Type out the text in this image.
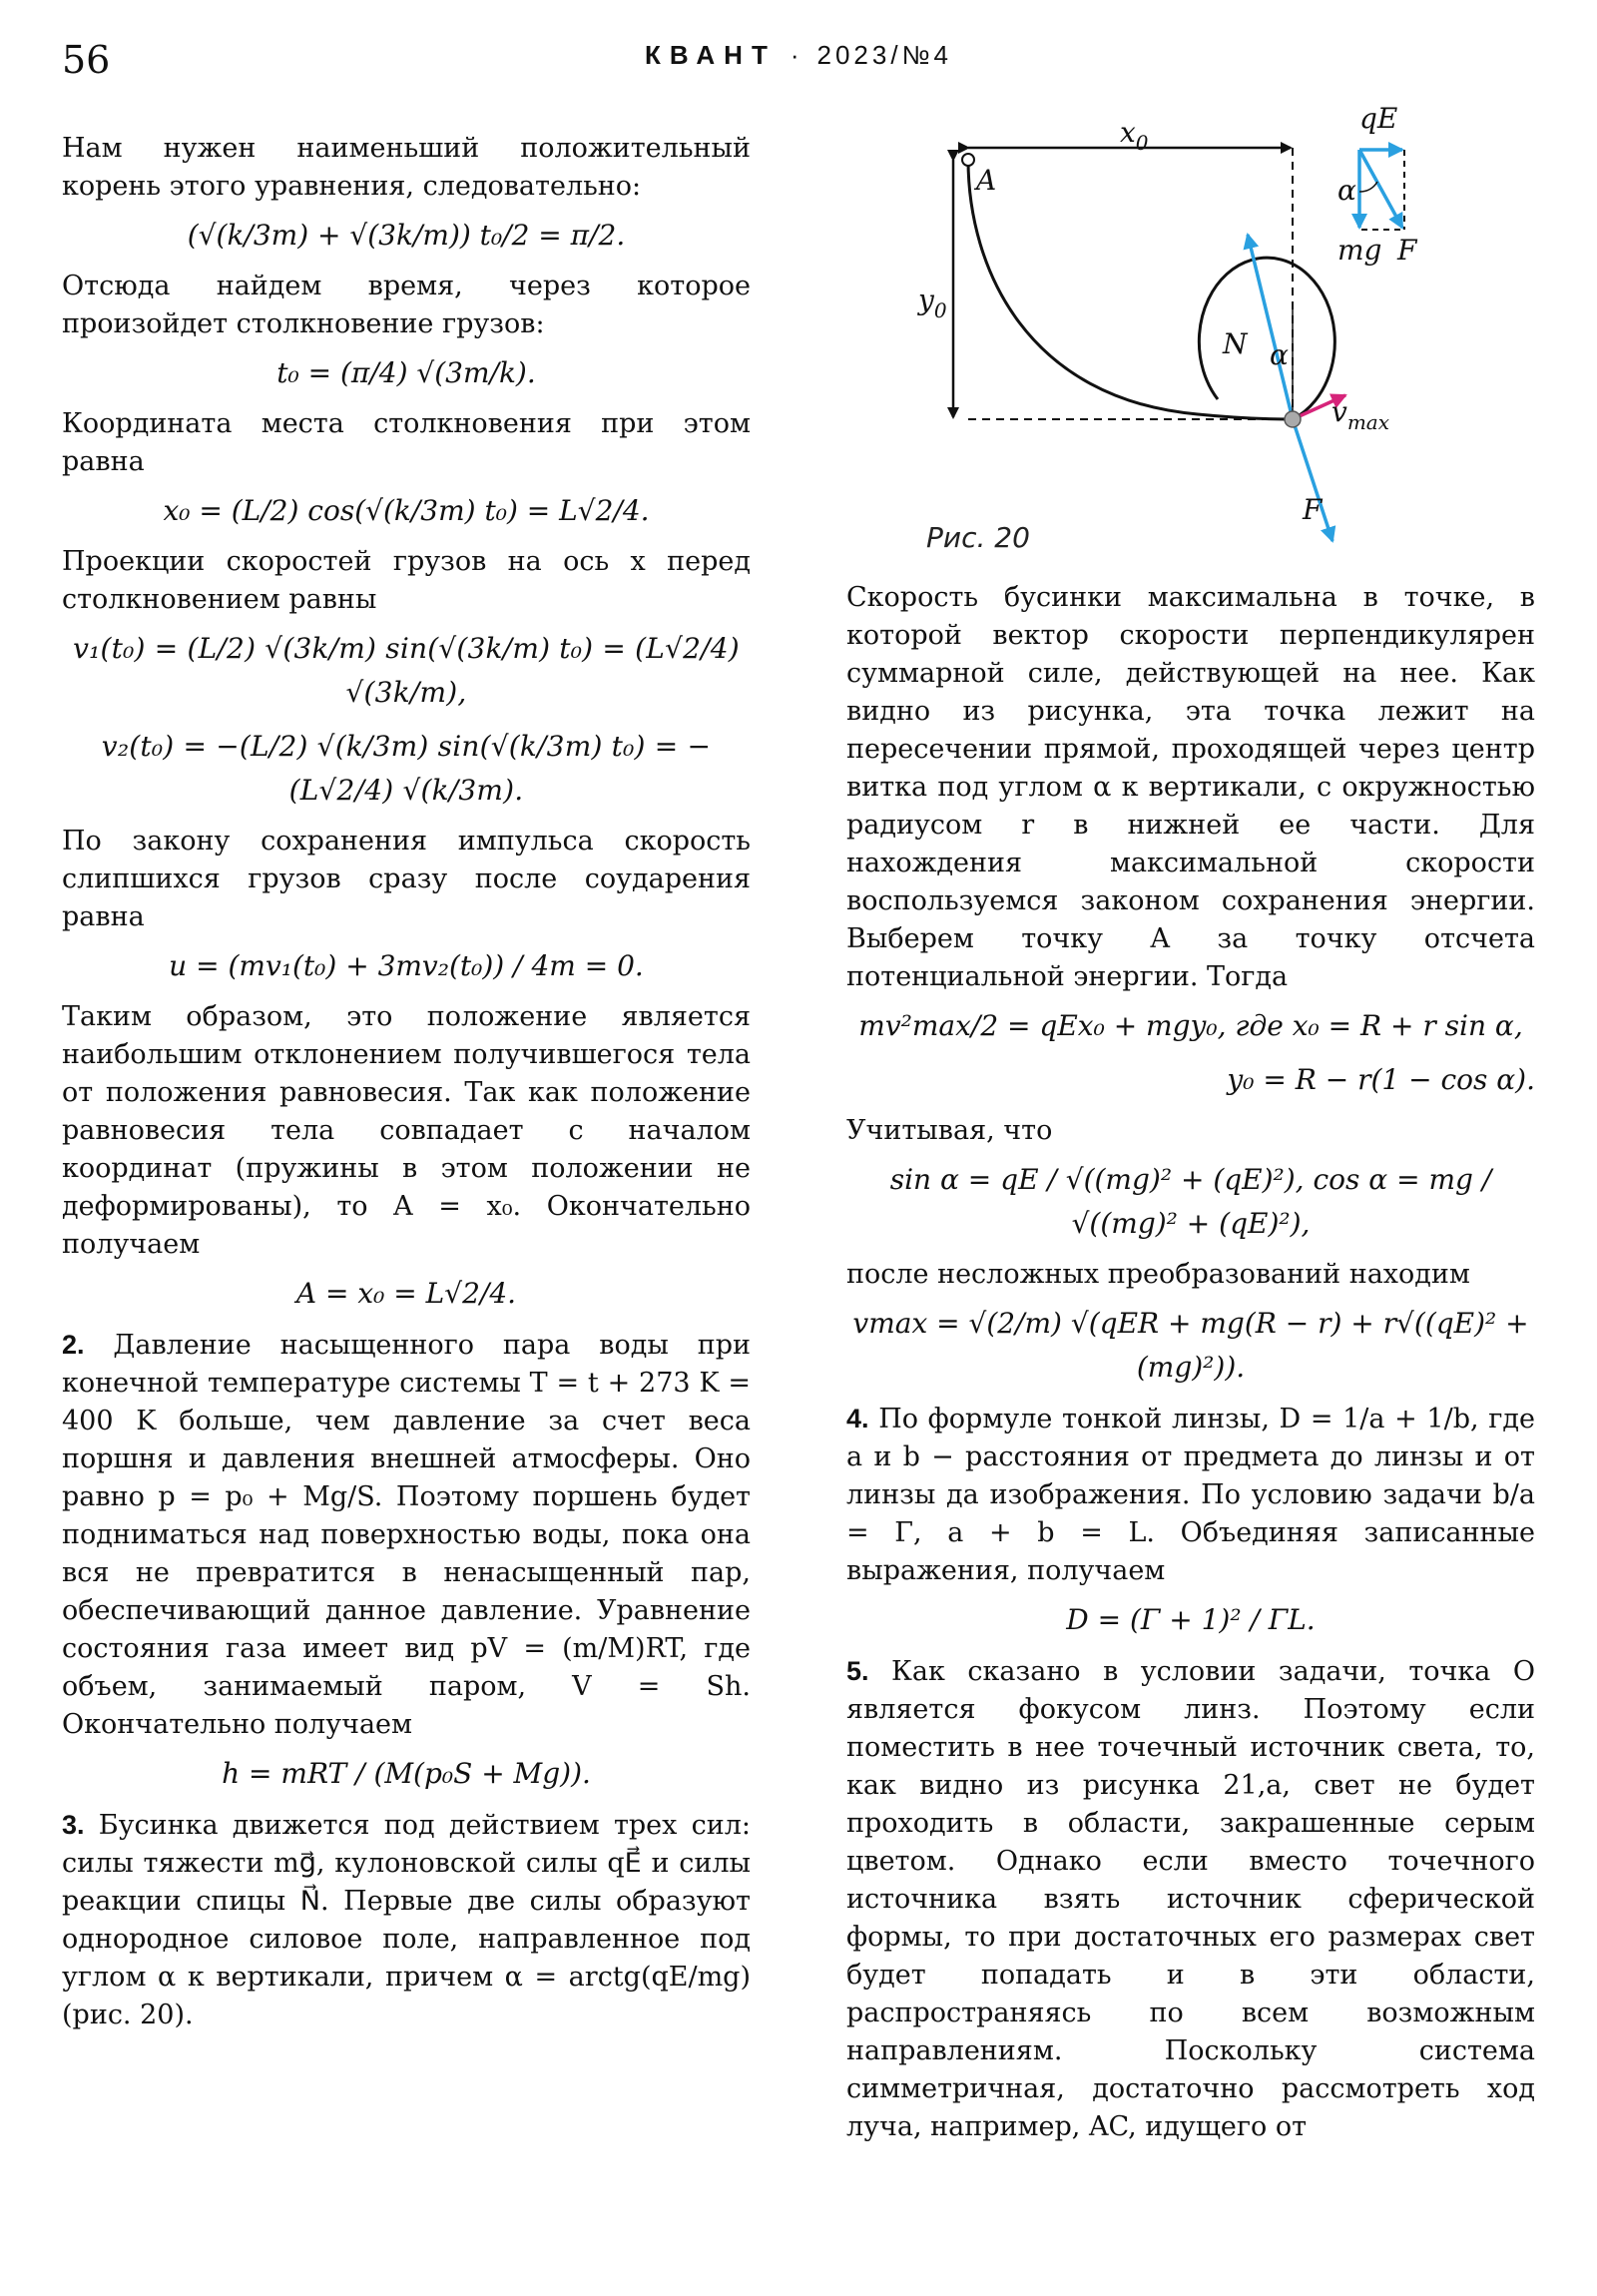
56	КВАНТ · 2023/№4
A
$x_0$
$y_0$
N α
$v_{max}$
F
qE
α
mg F
Рис. 20

Нам нужен наименьший положительный корень этого уравнения, следовательно:

(√(k/3m) + √(3k/m)) t₀/2 = π/2.

Отсюда найдем время, через которое произойдет столкновение грузов:

t₀ = (π/4) √(3m/k).

Координата места столкновения при этом равна

x₀ = (L/2) cos(√(k/3m) t₀) = L√2/4.

Проекции скоростей грузов на ось x перед столкновением равны

v₁(t₀) = (L/2) √(3k/m) sin(√(3k/m) t₀) = (L√2/4) √(3k/m),
v₂(t₀) = −(L/2) √(k/3m) sin(√(k/3m) t₀) = −(L√2/4) √(k/3m).

По закону сохранения импульса скорость слипшихся грузов сразу после соударения равна

u = (mv₁(t₀) + 3mv₂(t₀)) / 4m = 0.

Таким образом, это положение является наибольшим отклонением получившегося тела от положения равновесия. Так как положение равновесия тела совпадает с началом координат (пружины в этом положении не деформированы), то A = x₀. Окончательно получаем

A = x₀ = L√2/4.

2. Давление насыщенного пара воды при конечной температуре системы T = t + 273 K = 400 K больше, чем давление за счет веса поршня и давления внешней атмосферы. Оно равно p = p₀ + Mg/S. Поэтому поршень будет подниматься над поверхностью воды, пока она вся не превратится в ненасыщенный пар, обеспечивающий данное давление. Уравнение состояния газа имеет вид pV = (m/M)RT, где объем, занимаемый паром, V = Sh. Окончательно получаем

h = mRT / (M(p₀S + Mg)).

3. Бусинка движется под действием трех сил: силы тяжести mg⃗, кулоновской силы qE⃗ и силы реакции спицы N⃗. Первые две силы образуют однородное силовое поле, направленное под углом α к вертикали, причем α = arctg(qE/mg) (рис. 20).

Скорость бусинки максимальна в точке, в которой вектор скорости перпендикулярен суммарной силе, действующей на нее. Как видно из рисунка, эта точка лежит на пересечении прямой, проходящей через центр витка под углом α к вертикали, с окружностью радиусом r в нижней ее части. Для нахождения максимальной скорости воспользуемся законом сохранения энергии. Выберем точку A за точку отсчета потенциальной энергии. Тогда

mv²max/2 = qEx₀ + mgy₀, где x₀ = R + r sin α,
y₀ = R − r(1 − cos α).

Учитывая, что

sin α = qE / √((mg)² + (qE)²), cos α = mg / √((mg)² + (qE)²),

после несложных преобразований находим

vmax = √(2/m) √(qER + mg(R − r) + r√((qE)² + (mg)²)).

4. По формуле тонкой линзы, D = 1/a + 1/b, где a и b − расстояния от предмета до линзы и от линзы да изображения. По условию задачи b/a = Γ, a + b = L. Объединяя записанные выражения, получаем

D = (Γ + 1)² / ΓL.

5. Как сказано в условии задачи, точка O является фокусом линз. Поэтому если поместить в нее точечный источник света, то, как видно из рисунка 21,a, свет не будет проходить в области, закрашенные серым цветом. Однако если вместо точечного источника взять источник сферической формы, то при достаточных его размерах свет будет попадать и в эти области, распространяясь по всем возможным направлениям. Поскольку система симметричная, достаточно рассмотреть ход луча, например, AC, идущего от
